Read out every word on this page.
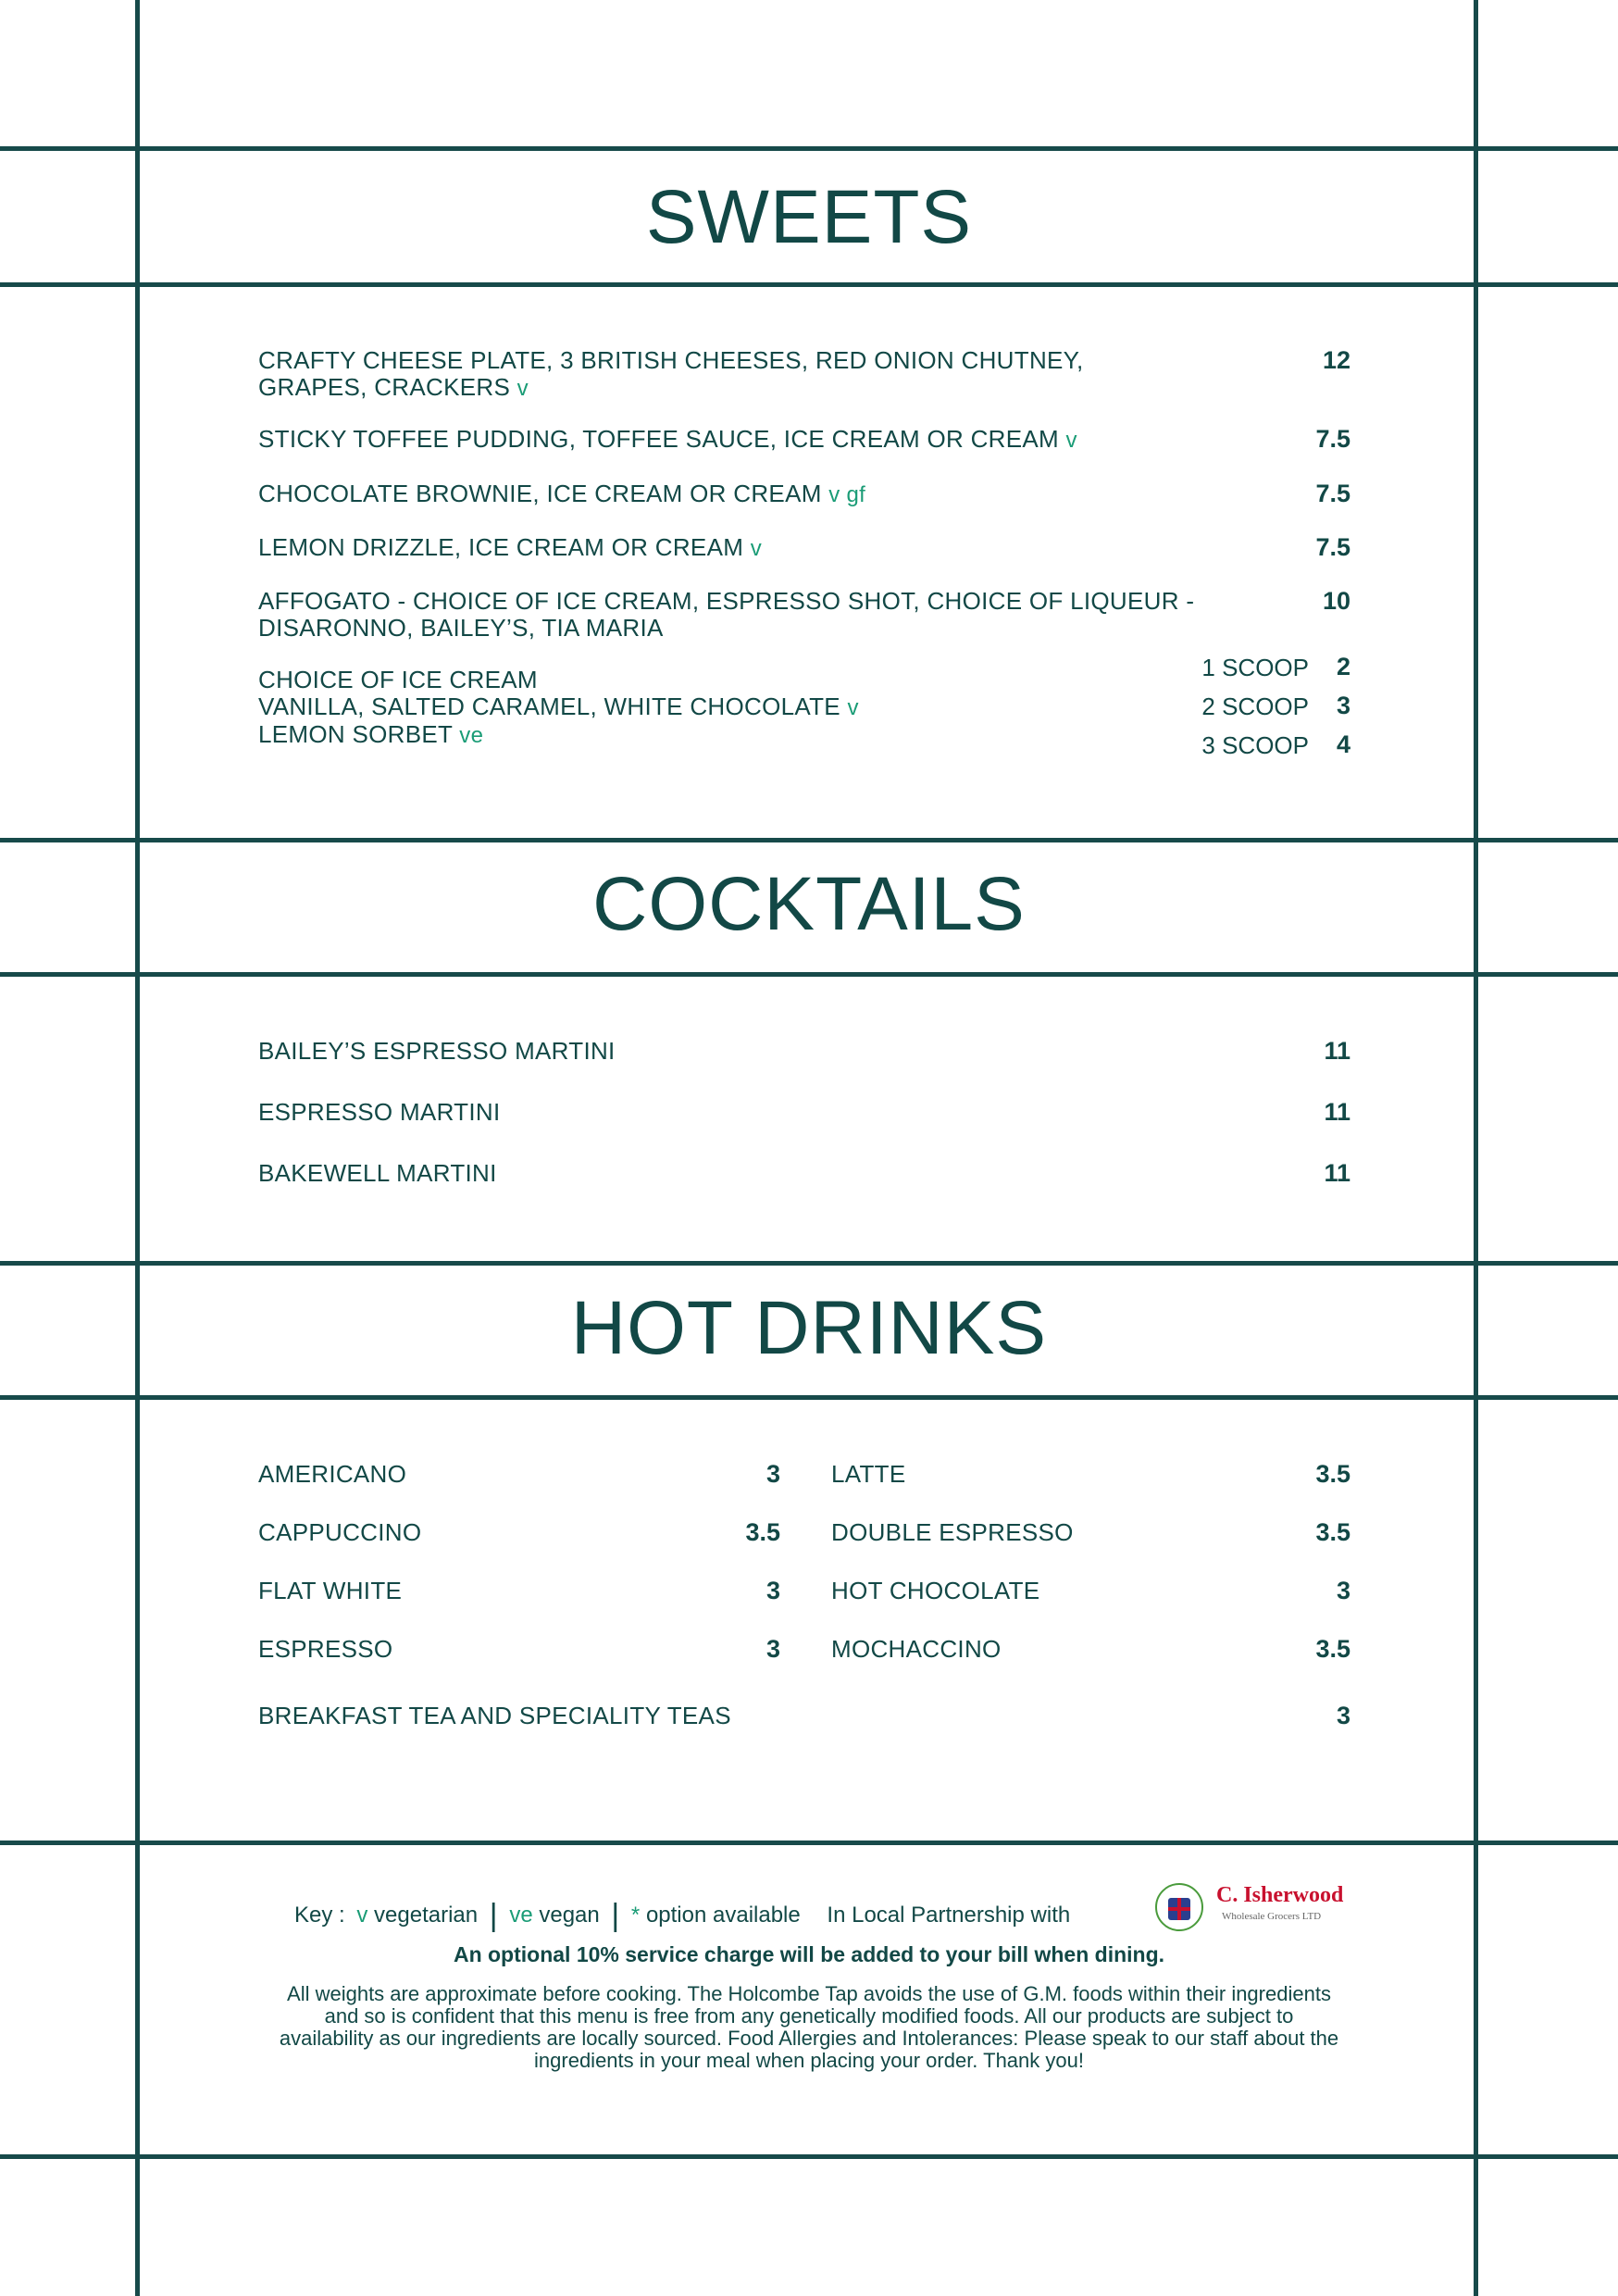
SWEETS
CRAFTY CHEESE PLATE, 3 BRITISH CHEESES, RED ONION CHUTNEY,
GRAPES, CRACKERS v
12
STICKY TOFFEE PUDDING, TOFFEE SAUCE, ICE CREAM OR CREAM v	7.5
CHOCOLATE BROWNIE, ICE CREAM OR CREAM v gf	7.5
LEMON DRIZZLE, ICE CREAM OR CREAM v	7.5
AFFOGATO - CHOICE OF ICE CREAM, ESPRESSO SHOT, CHOICE OF LIQUEUR -
DISARONNO, BAILEY’S, TIA MARIA
10
CHOICE OF ICE CREAM
VANILLA, SALTED CARAMEL, WHITE CHOCOLATE v
LEMON SORBET ve
1 SCOOP 2
2 SCOOP 3
3 SCOOP 4
COCKTAILS
BAILEY’S ESPRESSO MARTINI	11
ESPRESSO MARTINI	11
BAKEWELL MARTINI	11
HOT DRINKS
AMERICANO	3
CAPPUCCINO	3.5
FLAT WHITE	3
ESPRESSO	3
LATTE	3.5
DOUBLE ESPRESSO	3.5
HOT CHOCOLATE	3
MOCHACCINO	3.5
BREAKFAST TEA AND SPECIALITY TEAS	3
Key : v vegetarian | ve vegan | * option available In Local Partnership with
C. Isherwood
Wholesale Grocers LTD
An optional 10% service charge will be added to your bill when dining.
All weights are approximate before cooking. The Holcombe Tap avoids the use of G.M. foods within their ingredients and so is confident that this menu is free from any genetically modified foods. All our products are subject to availability as our ingredients are locally sourced. Food Allergies and Intolerances: Please speak to our staff about the ingredients in your meal when placing your order. Thank you!
